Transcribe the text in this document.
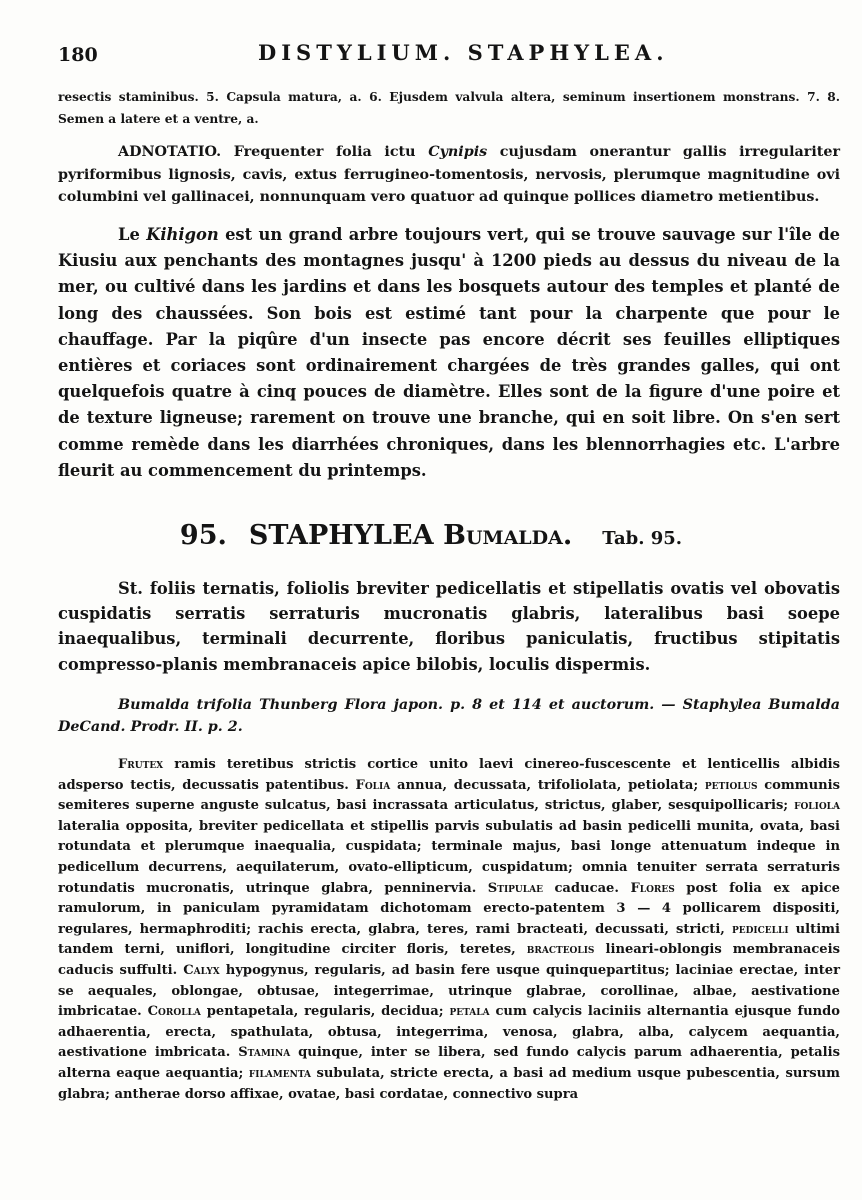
180	DISTYLIUM. STAPHYLEA.
resectis staminibus. 5. Capsula matura, a. 6. Ejusdem valvula altera, seminum insertionem monstrans. 7. 8. Semen a latere et a ventre, a.
ADNOTATIO. Frequenter folia ictu Cynipis cujusdam onerantur gallis irregulariter pyriformibus lignosis, cavis, extus ferrugineo-tomentosis, nervosis, plerumque magnitudine ovi columbini vel gallinacei, nonnunquam vero quatuor ad quinque pollices diametro metientibus.
Le Kihigon est un grand arbre toujours vert, qui se trouve sauvage sur l'île de Kiusiu aux penchants des montagnes jusqu' à 1200 pieds au dessus du niveau de la mer, ou cultivé dans les jardins et dans les bosquets autour des temples et planté de long des chaussées. Son bois est estimé tant pour la charpente que pour le chauffage. Par la piqûre d'un insecte pas encore décrit ses feuilles elliptiques entières et coriaces sont ordinairement chargées de très grandes galles, qui ont quelquefois quatre à cinq pouces de diamètre. Elles sont de la figure d'une poire et de texture ligneuse; rarement on trouve une branche, qui en soit libre. On s'en sert comme remède dans les diarrhées chroniques, dans les blennorrhagies etc. L'arbre fleurit au commencement du printemps.
95. STAPHYLEA Bumalda. Tab. 95.
St. foliis ternatis, foliolis breviter pedicellatis et stipellatis ovatis vel obovatis cuspidatis serratis serraturis mucronatis glabris, lateralibus basi soepe inaequalibus, terminali decurrente, floribus paniculatis, fructibus stipitatis compresso-planis membranaceis apice bilobis, loculis dispermis.
Bumalda trifolia Thunberg Flora japon. p. 8 et 114 et auctorum. — Staphylea Bumalda DeCand. Prodr. II. p. 2.
Frutex ramis teretibus strictis cortice unito laevi cinereo-fuscescente et lenticellis albidis adsperso tectis, decussatis patentibus. Folia annua, decussata, trifoliolata, petiolata; petiolus communis semiteres superne anguste sulcatus, basi incrassata articulatus, strictus, glaber, sesquipollicaris; foliola lateralia opposita, breviter pedicellata et stipellis parvis subulatis ad basin pedicelli munita, ovata, basi rotundata et plerumque inaequalia, cuspidata; terminale majus, basi longe attenuatum indeque in pedicellum decurrens, aequilaterum, ovato-ellipticum, cuspidatum; omnia tenuiter serrata serraturis rotundatis mucronatis, utrinque glabra, penninervia. Stipulae caducae. Flores post folia ex apice ramulorum, in paniculam pyramidatam dichotomam erecto-patentem 3 — 4 pollicarem dispositi, regulares, hermaphroditi; rachis erecta, glabra, teres, rami bracteati, decussati, stricti, pedicelli ultimi tandem terni, uniflori, longitudine circiter floris, teretes, bracteolis lineari-oblongis membranaceis caducis suffulti. Calyx hypogynus, regularis, ad basin fere usque quinquepartitus; laciniae erectae, inter se aequales, oblongae, obtusae, integerrimae, utrinque glabrae, corollinae, albae, aestivatione imbricatae. Corolla pentapetala, regularis, decidua; petala cum calycis laciniis alternantia ejusque fundo adhaerentia, erecta, spathulata, obtusa, integerrima, venosa, glabra, alba, calycem aequantia, aestivatione imbricata. Stamina quinque, inter se libera, sed fundo calycis parum adhaerentia, petalis alterna eaque aequantia; filamenta subulata, stricte erecta, a basi ad medium usque pubescentia, sursum glabra; antherae dorso affixae, ovatae, basi cordatae, connectivo supra
